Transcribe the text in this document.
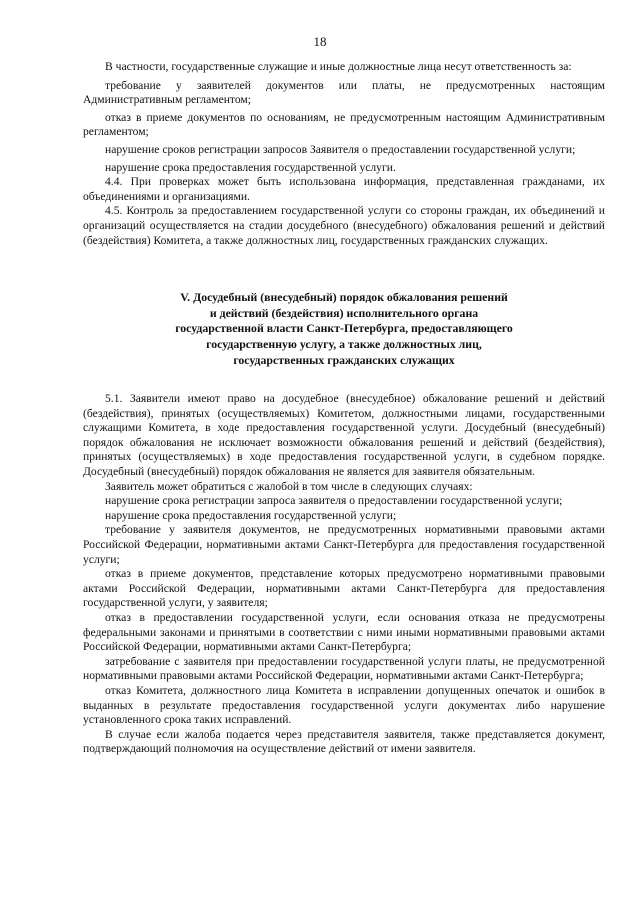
18

В частности, государственные служащие и иные должностные лица несут ответственность за:

требование у заявителей документов или платы, не предусмотренных настоящим Административным регламентом;

отказ в приеме документов по основаниям, не предусмотренным настоящим Административным регламентом;

нарушение сроков регистрации запросов Заявителя о предоставлении государственной услуги;

нарушение срока предоставления государственной услуги.

4.4. При проверках может быть использована информация, представленная гражданами, их объединениями и организациями.

4.5. Контроль за предоставлением государственной услуги со стороны граждан, их объединений и организаций осуществляется на стадии досудебного (внесудебного) обжалования решений и действий (бездействия) Комитета, а также должностных лиц, государственных гражданских служащих.

V. Досудебный (внесудебный) порядок обжалования решений

и действий (бездействия) исполнительного органа

государственной власти Санкт-Петербурга, предоставляющего

государственную услугу, а также должностных лиц,

государственных гражданских служащих

5.1. Заявители имеют право на досудебное (внесудебное) обжалование решений и действий (бездействия), принятых (осуществляемых) Комитетом, должностными лицами, государственными служащими Комитета, в ходе предоставления государственной услуги. Досудебный (внесудебный) порядок обжалования не исключает возможности обжалования решений и действий (бездействия), принятых (осуществляемых) в ходе предоставления государственной услуги, в судебном порядке. Досудебный (внесудебный) порядок обжалования не является для заявителя обязательным.

Заявитель может обратиться с жалобой в том числе в следующих случаях:

нарушение срока регистрации запроса заявителя о предоставлении государственной услуги;

нарушение срока предоставления государственной услуги;

требование у заявителя документов, не предусмотренных нормативными правовыми актами Российской Федерации, нормативными актами Санкт-Петербурга для предоставления государственной услуги;

отказ в приеме документов, представление которых предусмотрено нормативными правовыми актами Российской Федерации, нормативными актами Санкт-Петербурга для предоставления государственной услуги, у заявителя;

отказ в предоставлении государственной услуги, если основания отказа не предусмотрены федеральными законами и принятыми в соответствии с ними иными нормативными правовыми актами Российской Федерации, нормативными актами Санкт-Петербурга;

затребование с заявителя при предоставлении государственной услуги платы, не предусмотренной нормативными правовыми актами Российской Федерации, нормативными актами Санкт-Петербурга;

отказ Комитета, должностного лица Комитета в исправлении допущенных опечаток и ошибок в выданных в результате предоставления государственной услуги документах либо нарушение установленного срока таких исправлений.

В случае если жалоба подается через представителя заявителя, также представляется документ, подтверждающий полномочия на осуществление действий от имени заявителя.
